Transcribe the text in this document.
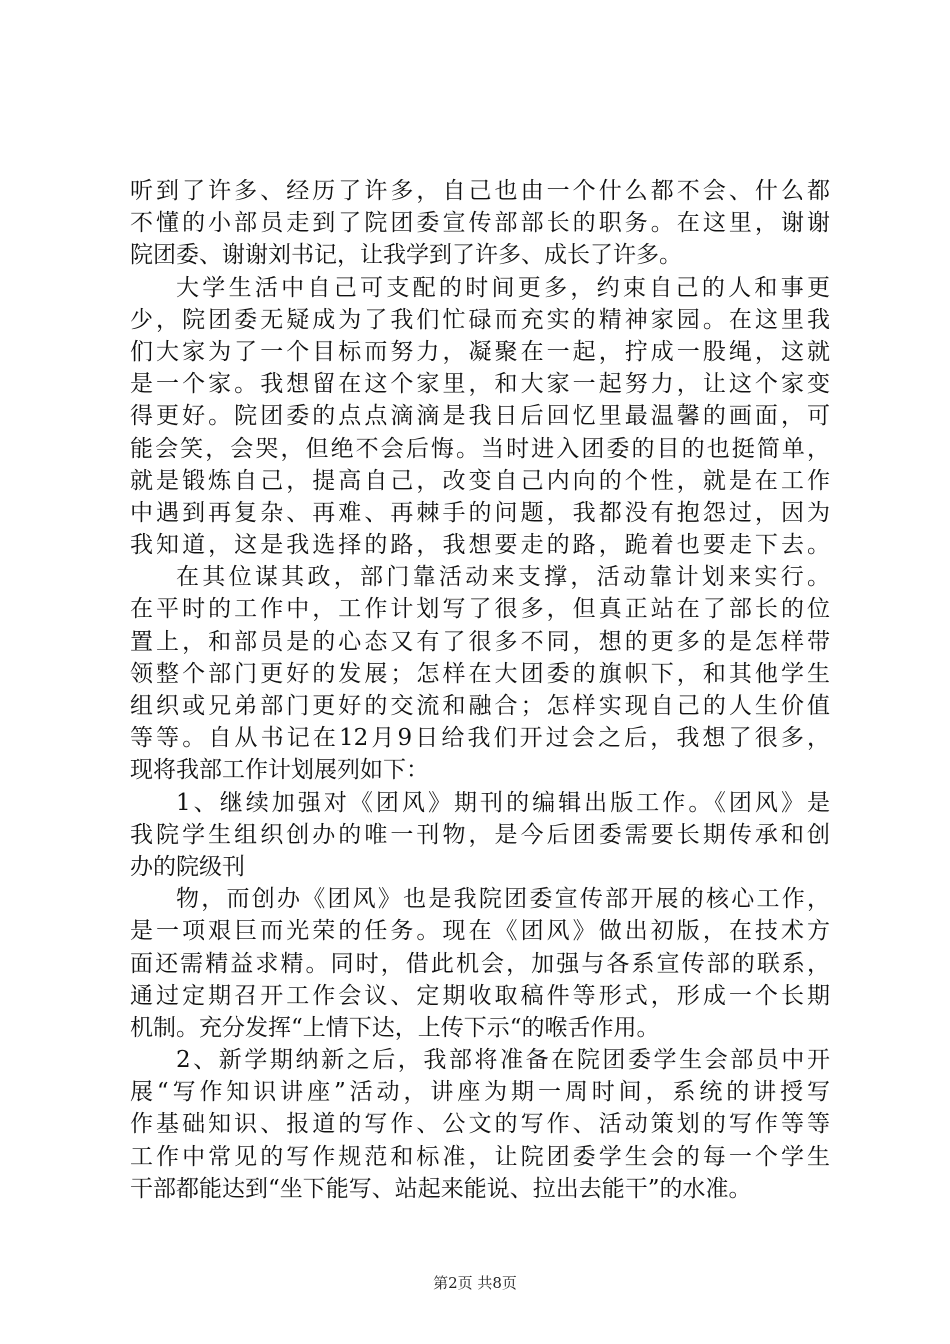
听到了许多、经历了许多，自己也由一个什么都不会、什么都
不懂的小部员走到了院团委宣传部部长的职务。在这里，谢谢
院团委、谢谢刘书记，让我学到了许多、成长了许多。
大学生活中自己可支配的时间更多，约束自己的人和事更
少，院团委无疑成为了我们忙碌而充实的精神家园。在这里我
们大家为了一个目标而努力，凝聚在一起，拧成一股绳，这就
是一个家。我想留在这个家里，和大家一起努力，让这个家变
得更好。院团委的点点滴滴是我日后回忆里最温馨的画面，可
能会笑，会哭，但绝不会后悔。当时进入团委的目的也挺简单，
就是锻炼自己，提高自己，改变自己内向的个性，就是在工作
中遇到再复杂、再难、再棘手的问题，我都没有抱怨过，因为
我知道，这是我选择的路，我想要走的路，跪着也要走下去。
在其位谋其政，部门靠活动来支撑，活动靠计划来实行。
在平时的工作中，工作计划写了很多，但真正站在了部长的位
置上，和部员是的心态又有了很多不同，想的更多的是怎样带
领整个部门更好的发展；怎样在大团委的旗帜下，和其他学生
组织或兄弟部门更好的交流和融合；怎样实现自己的人生价值
等等。自从书记在12月9日给我们开过会之后，我想了很多，
现将我部工作计划展列如下：
1、继续加强对《团风》期刊的编辑出版工作。《团风》是
我院学生组织创办的唯一刊物，是今后团委需要长期传承和创
办的院级刊
物，而创办《团风》也是我院团委宣传部开展的核心工作，
是一项艰巨而光荣的任务。现在《团风》做出初版，在技术方
面还需精益求精。同时，借此机会，加强与各系宣传部的联系，
通过定期召开工作会议、定期收取稿件等形式，形成一个长期
机制。充分发挥“上情下达，上传下示“的喉舌作用。
2、新学期纳新之后，我部将准备在院团委学生会部员中开
展“写作知识讲座”活动，讲座为期一周时间，系统的讲授写
作基础知识、报道的写作、公文的写作、活动策划的写作等等
工作中常见的写作规范和标准，让院团委学生会的每一个学生
干部都能达到“坐下能写、站起来能说、拉出去能干”的水准。
第2页 共8页
